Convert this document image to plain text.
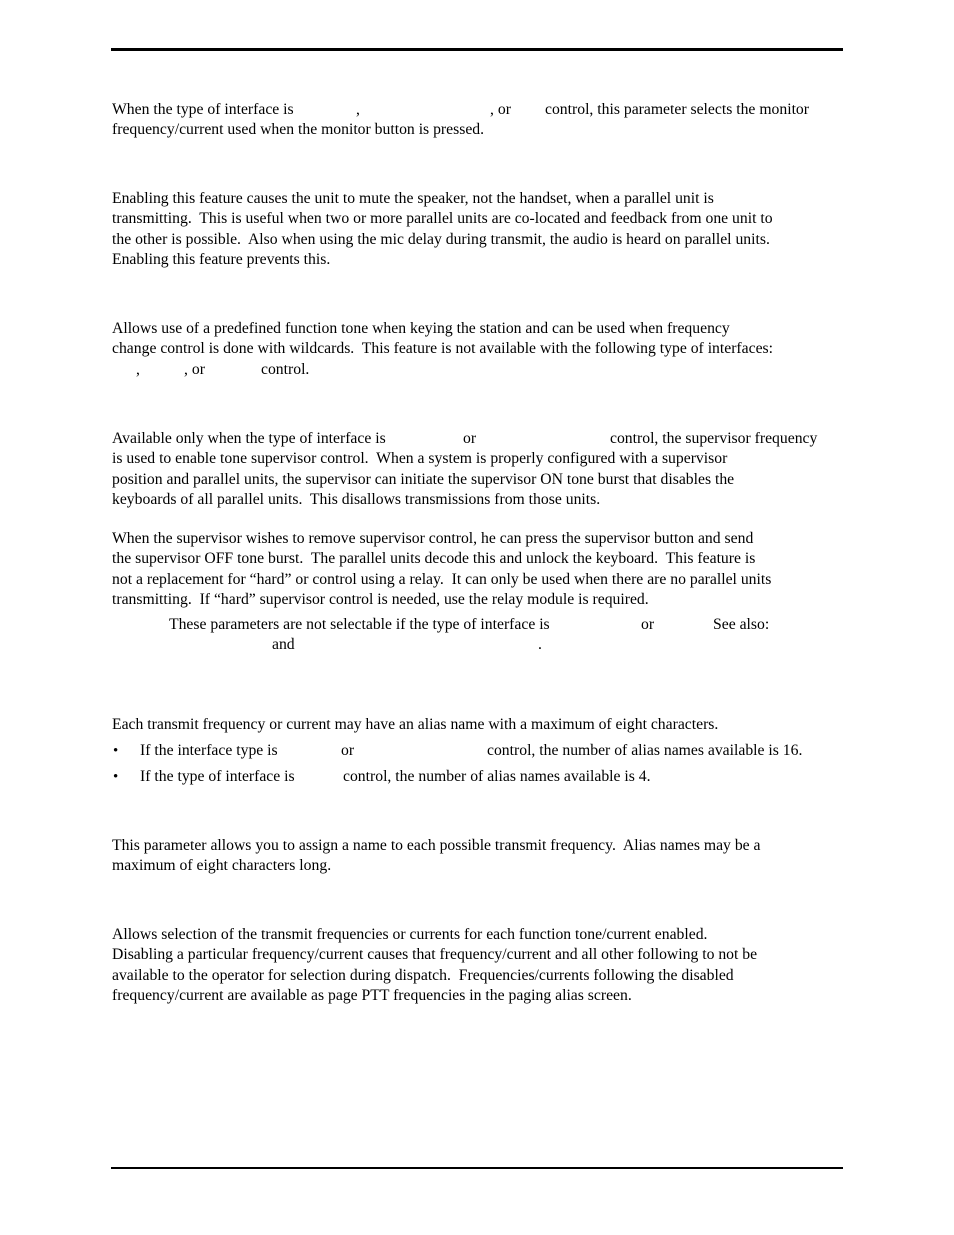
When the type of interface is	,	, or control, this parameter selects the monitor
frequency/current used when the monitor button is pressed.
Enabling this feature causes the unit to mute the speaker, not the handset, when a parallel unit is
transmitting.  This is useful when two or more parallel units are co-located and feedback from one unit to
the other is possible.  Also when using the mic delay during transmit, the audio is heard on parallel units.
Enabling this feature prevents this.
Allows use of a predefined function tone when keying the station and can be used when frequency
change control is done with wildcards.  This feature is not available with the following type of interfaces:
,	, or	control.
Available only when the type of interface is	or	control, the supervisor frequency
is used to enable tone supervisor control.  When a system is properly configured with a supervisor
position and parallel units, the supervisor can initiate the supervisor ON tone burst that disables the
keyboards of all parallel units.  This disallows transmissions from those units.
When the supervisor wishes to remove supervisor control, he can press the supervisor button and send
the supervisor OFF tone burst.  The parallel units decode this and unlock the keyboard.  This feature is
not a replacement for “hard” or control using a relay.  It can only be used when there are no parallel units
transmitting.  If “hard” supervisor control is needed, use the relay module is required.
These parameters are not selectable if the type of interface is	or	See also:
and	.
Each transmit frequency or current may have an alias name with a maximum of eight characters.
• If the interface type is	or	control, the number of alias names available is 16.
• If the type of interface is	control, the number of alias names available is 4.
This parameter allows you to assign a name to each possible transmit frequency.  Alias names may be a
maximum of eight characters long.
Allows selection of the transmit frequencies or currents for each function tone/current enabled.
Disabling a particular frequency/current causes that frequency/current and all other following to not be
available to the operator for selection during dispatch.  Frequencies/currents following the disabled
frequency/current are available as page PTT frequencies in the paging alias screen.
